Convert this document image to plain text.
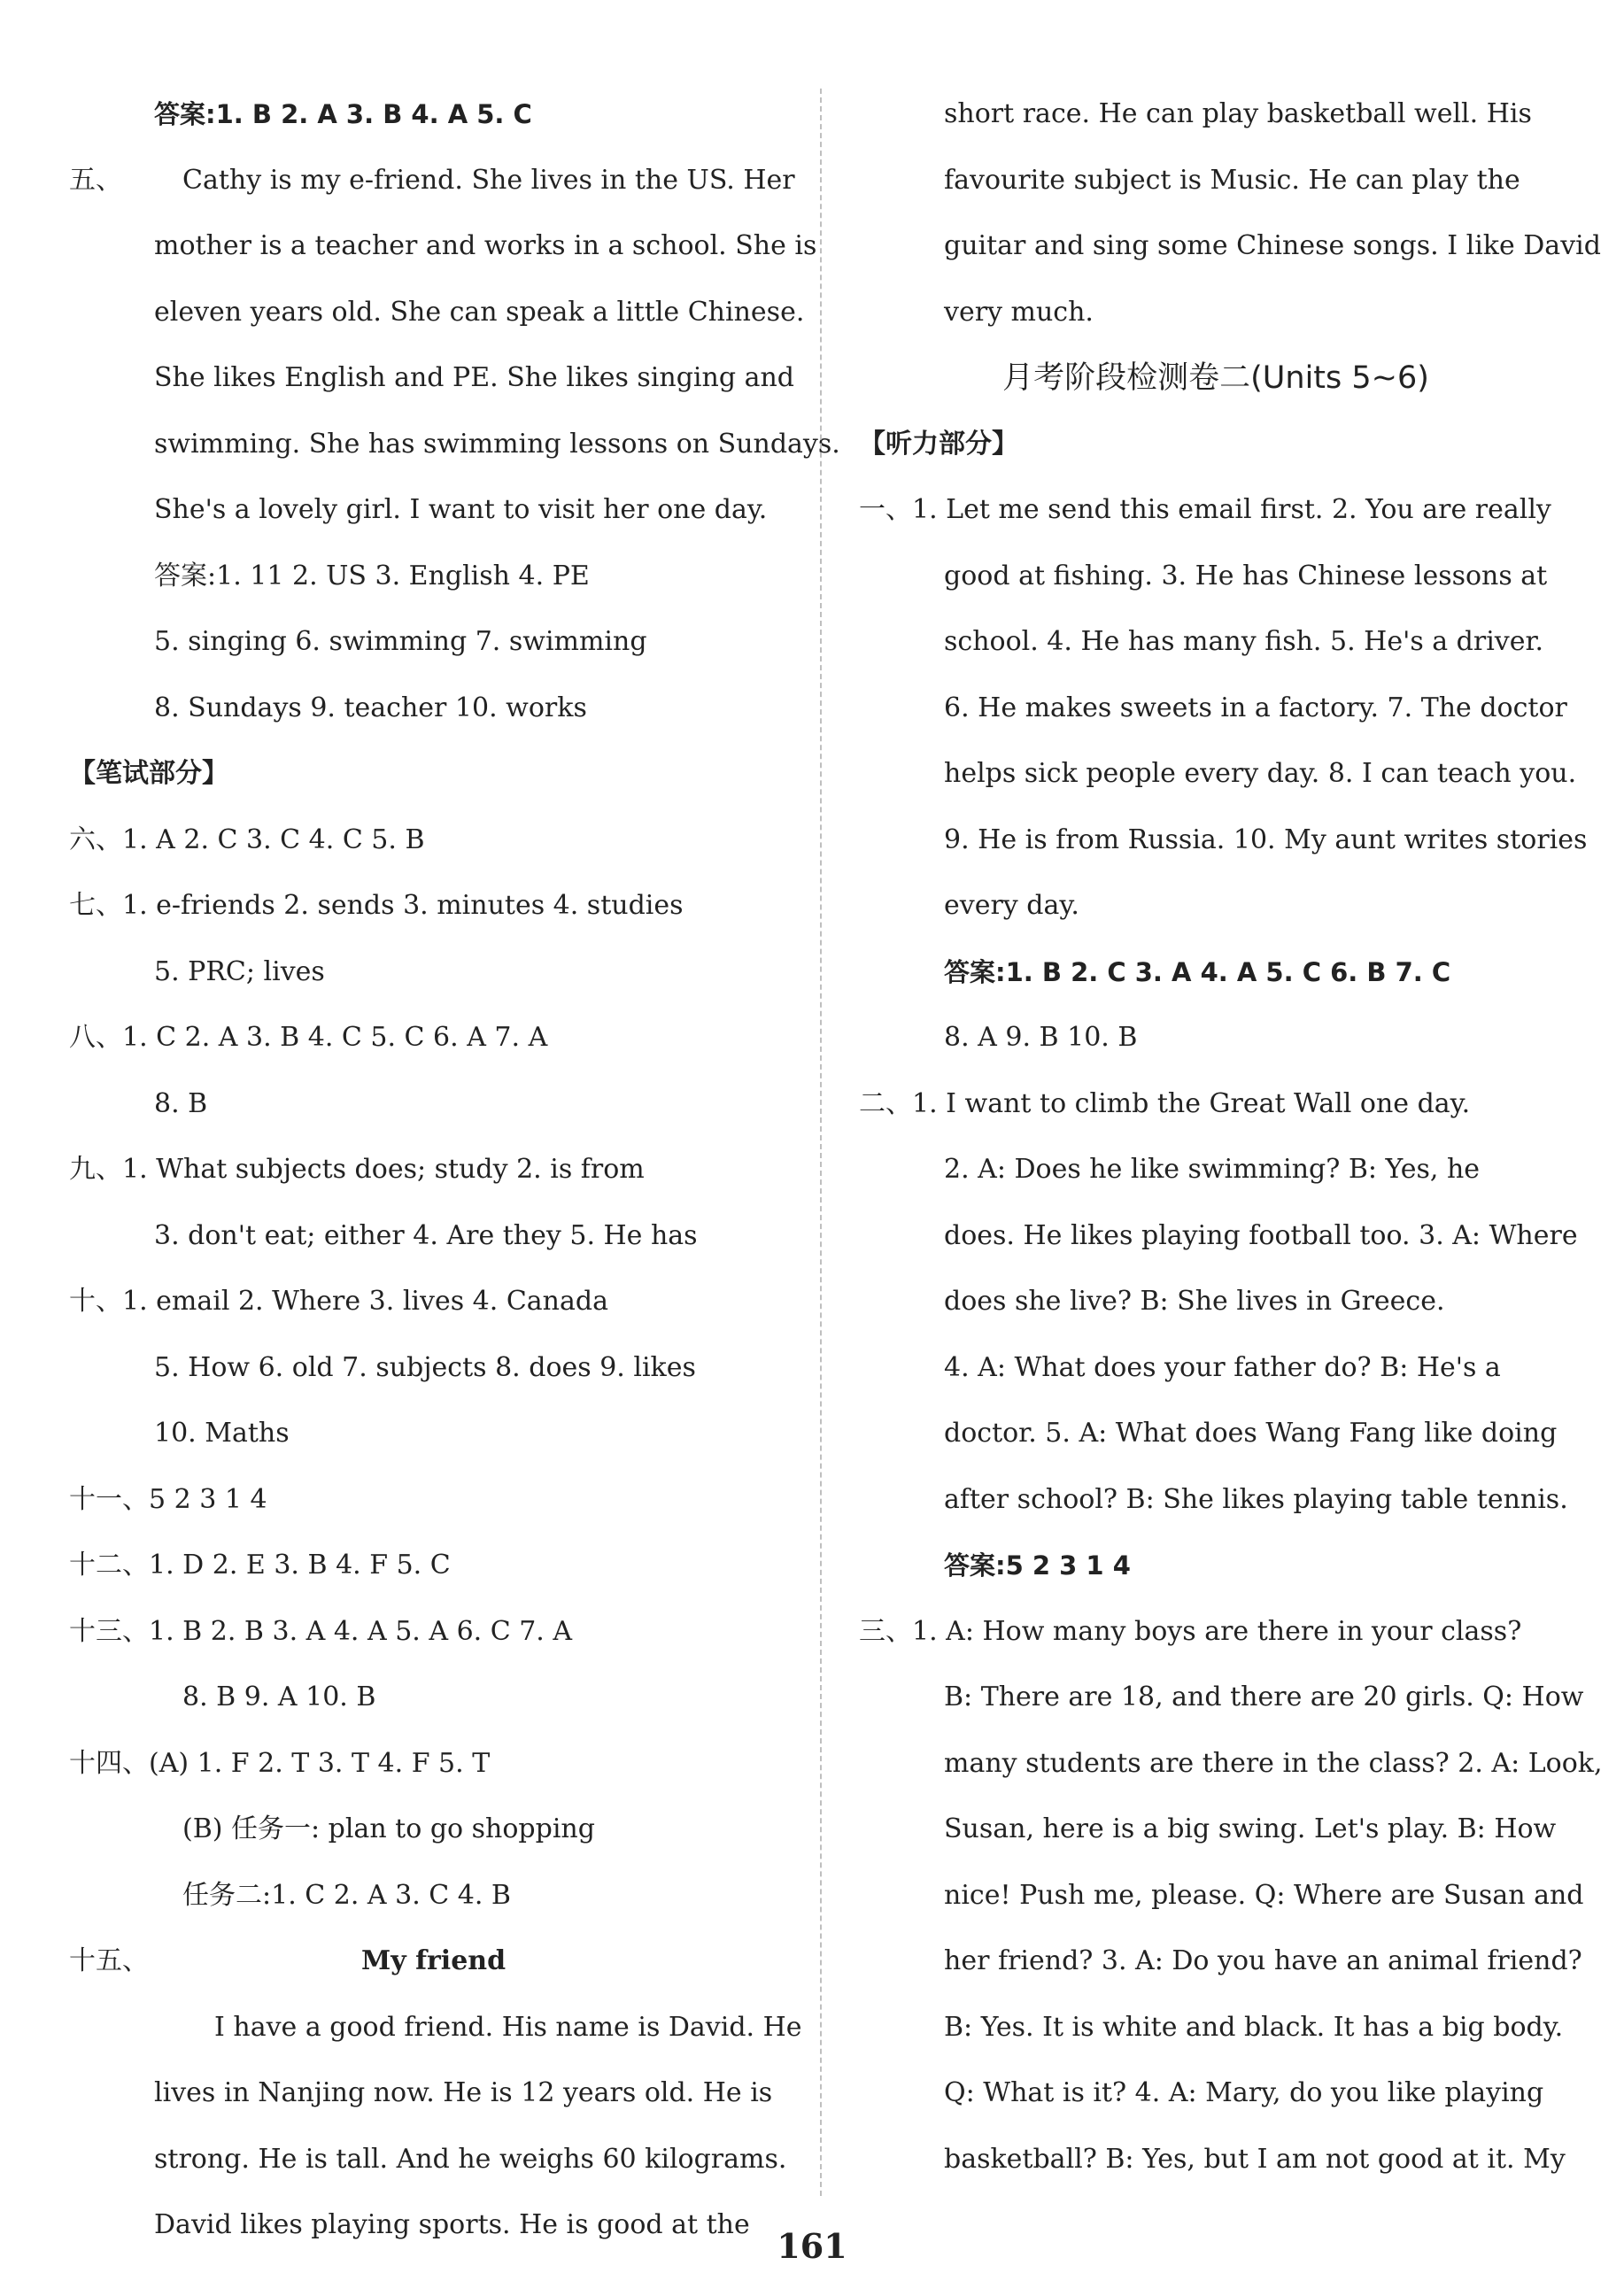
答案:1. B 2. A 3. B 4. A 5. C
五、 Cathy is my e-friend. She lives in the US. Her
mother is a teacher and works in a school. She is
eleven years old. She can speak a little Chinese.
She likes English and PE. She likes singing and
swimming. She has swimming lessons on Sundays.
She's a lovely girl. I want to visit her one day.
答案:1. 11 2. US 3. English 4. PE
5. singing 6. swimming 7. swimming
8. Sundays 9. teacher 10. works
【笔试部分】
六、1. A 2. C 3. C 4. C 5. B
七、1. e-friends 2. sends 3. minutes 4. studies
5. PRC; lives
八、1. C 2. A 3. B 4. C 5. C 6. A 7. A
8. B
九、1. What subjects does; study 2. is from
3. don't eat; either 4. Are they 5. He has
十、1. email 2. Where 3. lives 4. Canada
5. How 6. old 7. subjects 8. does 9. likes
10. Maths
十一、5 2 3 1 4
十二、1. D 2. E 3. B 4. F 5. C
十三、1. B 2. B 3. A 4. A 5. A 6. C 7. A
8. B 9. A 10. B
十四、(A) 1. F 2. T 3. T 4. F 5. T
(B) 任务一: plan to go shopping
任务二:1. C 2. A 3. C 4. B
十五、	My friend
I have a good friend. His name is David. He
lives in Nanjing now. He is 12 years old. He is
strong. He is tall. And he weighs 60 kilograms.
David likes playing sports. He is good at the
short race. He can play basketball well. His
favourite subject is Music. He can play the
guitar and sing some Chinese songs. I like David
very much.
月考阶段检测卷二(Units 5~6)
【听力部分】
一、1. Let me send this email first. 2. You are really
good at fishing. 3. He has Chinese lessons at
school. 4. He has many fish. 5. He's a driver.
6. He makes sweets in a factory. 7. The doctor
helps sick people every day. 8. I can teach you.
9. He is from Russia. 10. My aunt writes stories
every day.
答案:1. B 2. C 3. A 4. A 5. C 6. B 7. C
8. A 9. B 10. B
二、1. I want to climb the Great Wall one day.
2. A: Does he like swimming? B: Yes, he
does. He likes playing football too. 3. A: Where
does she live? B: She lives in Greece.
4. A: What does your father do? B: He's a
doctor. 5. A: What does Wang Fang like doing
after school? B: She likes playing table tennis.
答案:5 2 3 1 4
三、1. A: How many boys are there in your class?
B: There are 18, and there are 20 girls. Q: How
many students are there in the class? 2. A: Look,
Susan, here is a big swing. Let's play. B: How
nice! Push me, please. Q: Where are Susan and
her friend? 3. A: Do you have an animal friend?
B: Yes. It is white and black. It has a big body.
Q: What is it? 4. A: Mary, do you like playing
basketball? B: Yes, but I am not good at it. My
161
